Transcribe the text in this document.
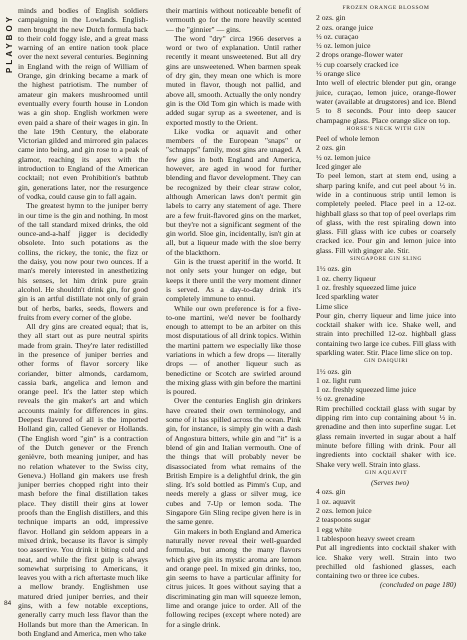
PLAYBOY
84

minds and bodies of English soldiers campaigning in the Lowlands. English-men brought the new Dutch formula back to their cold foggy isle, and a great mass warning of an entire nation took place over the next several centuries. Beginning in England with the reign of William of Orange, gin drinking became a mark of the highest patriotism. The number of amateur gin makers mushroomed until eventually every fourth house in London was a gin shop. English workmen were even paid a share of their wages in gin. In the late 19th Century, the elaborate Victorian gilded and mirrored gin palaces came into being, and gin rose to a peak of glamor, reaching its apex with the introduction to England of the American cocktail; not even Prohibition's bathtub gin, generations later, nor the resurgence of vodka, could cause gin to fall again.

The greatest hymn to the juniper berry in our time is the gin and nothing. In most of the tall standard mixed drinks, the old ounce-and-a-half jigger is decidedly obsolete. Into such potations as the collins, the rickey, the tonic, the fizz or the daisy, you now pour two ounces. If a man's merely interested in anesthetizing his senses, let him drink pure grain alcohol. He shouldn't drink gin, for good gin is an artful distillate not only of grain but of herbs, barks, seeds, flowers and fruits from every corner of the globe.

All dry gins are created equal; that is, they all start out as pure neutral spirits made from grain. They're later redistilled in the presence of juniper berries and other forms of flavor sorcery like coriander, bitter almonds, cardamom, cassia bark, angelica and lemon and orange peel. It's the latter step which reveals the gin maker's art and which accounts mainly for differences in gins. Deepest flavored of all is the imported Holland gin, called Genever or Hollands. (The English word "gin" is a contraction of the Dutch genever or the French genièvre, both meaning juniper, and has no relation whatever to the Swiss city, Geneva.) Holland gin makers use fresh juniper berries chopped right into their mash before the final distillation takes place. They distill their gins at lower proofs than the English distillers, and this technique imparts an odd, impressive flavor. Holland gin seldom appears in a mixed drink, because its flavor is simply too assertive. You drink it biting cold and neat, and while the first gulp is always somewhat surprising to Americans, it leaves you with a rich aftertaste much like a mellow brandy. Englishmen use matured dried juniper berries, and their gins, with a few notable exceptions, generally carry much less flavor than the Hollands but more than the American. In both England and America, men who take

their martinis without noticeable benefit of vermouth go for the more heavily scented — the "ginnier" — gins.

The word "dry" circa 1966 deserves a word or two of explanation. Until rather recently it meant unsweetened. But all dry gins are unsweetened. When barmen speak of dry gin, they mean one which is more muted in flavor, though not pallid, and above all, smooth. Actually the only nondry gin is the Old Tom gin which is made with added sugar syrup as a sweetener, and is exported mostly to the Orient.

Like vodka or aquavit and other members of the European "snaps" or "schnapps" family, most gins are unaged. A few gins in both England and America, however, are aged in wood for further blending and flavor development. They can be recognized by their clear straw color, although American laws don't permit gin labels to carry any statement of age. There are a few fruit-flavored gins on the market, but they're not a significant segment of the gin world. Sloe gin, incidentally, isn't gin at all, but a liqueur made with the sloe berry of the blackthorn.

Gin is the truest aperitif in the world. It not only sets your hunger on edge, but keeps it there until the very moment dinner is served. As a day-to-day drink it's completely immune to ennui.

While our own preference is for a five-to-one martini, we'd never be foolhardy enough to attempt to be an arbiter on this most disputatious of all drink topics. Within the martini pattern we especially like those variations in which a few drops — literally drops — of another liqueur such as benedictine or Scotch are swirled around the mixing glass with gin before the martini is poured.

Over the centuries English gin drinkers have created their own terminology, and some of it has spilled across the ocean. Pink gin, for instance, is simply gin with a dash of Angostura bitters, while gin and "it" is a blend of gin and Italian vermouth. One of the things that will probably never be disassociated from what remains of the British Empire is a delightful drink, the gin sling. It's sold bottled as Pimm's Cup, and needs merely a glass or silver mug, ice cubes and 7-Up or lemon soda. The Singapore Gin Sling recipe given here is in the same genre.

Gin makers in both England and America naturally never reveal their well-guarded formulas, but among the many flavors which give gin its mystic aroma are lemon and orange peel. In mixed gin drinks, too, gin seems to have a particular affinity for citrus juices. It goes without saying that a discriminating gin man will squeeze lemon, lime and orange juice to order. All of the following recipes (except where noted) are for a single drink.

FROZEN ORANGE BLOSSOM

2 ozs. gin
2 ozs. orange juice
½ oz. curaçao
½ oz. lemon juice
2 drops orange-flower water
½ cup coarsely cracked ice
½ orange slice

Into well of electric blender put gin, orange juice, curaçao, lemon juice, orange-flower water (available at drugstores) and ice. Blend 5 to 8 seconds. Pour into deep saucer champagne glass. Place orange slice on top.

HORSE'S NECK WITH GIN

Peel of whole lemon
2 ozs. gin
½ oz. lemon juice
Iced ginger ale

To peel lemon, start at stem end, using a sharp paring knife, and cut peel about ½ in. wide in a continuous strip until lemon is completely peeled. Place peel in a 12-oz. highball glass so that top of peel overlaps rim of glass, with the rest spiraling down into glass. Fill glass with ice cubes or coarsely cracked ice. Pour gin and lemon juice into glass. Fill with ginger ale. Stir.

SINGAPORE GIN SLING

1½ ozs. gin
1 oz. cherry liqueur
1 oz. freshly squeezed lime juice
Iced sparkling water
Lime slice

Pour gin, cherry liqueur and lime juice into cocktail shaker with ice. Shake well, and strain into prechilled 12-oz. highball glass containing two large ice cubes. Fill glass with sparkling water. Stir. Place lime slice on top.

GIN DAIQUIRI

1½ ozs. gin
1 oz. light rum
1 oz. freshly squeezed lime juice
½ oz. grenadine

Rim prechilled cocktail glass with sugar by dipping rim into cup containing about ½ in. grenadine and then into superfine sugar. Let glass remain inverted in sugar about a half minute before filling with drink. Pour all ingredients into cocktail shaker with ice. Shake very well. Strain into glass.

GIN AQUAVIT

(Serves two)

4 ozs. gin
1 oz. aquavit
2 ozs. lemon juice
2 teaspoons sugar
1 egg white
1 tablespoon heavy sweet cream

Put all ingredients into cocktail shaker with ice. Shake very well. Strain into two prechilled old fashioned glasses, each containing two or three ice cubes.

(concluded on page 180)
